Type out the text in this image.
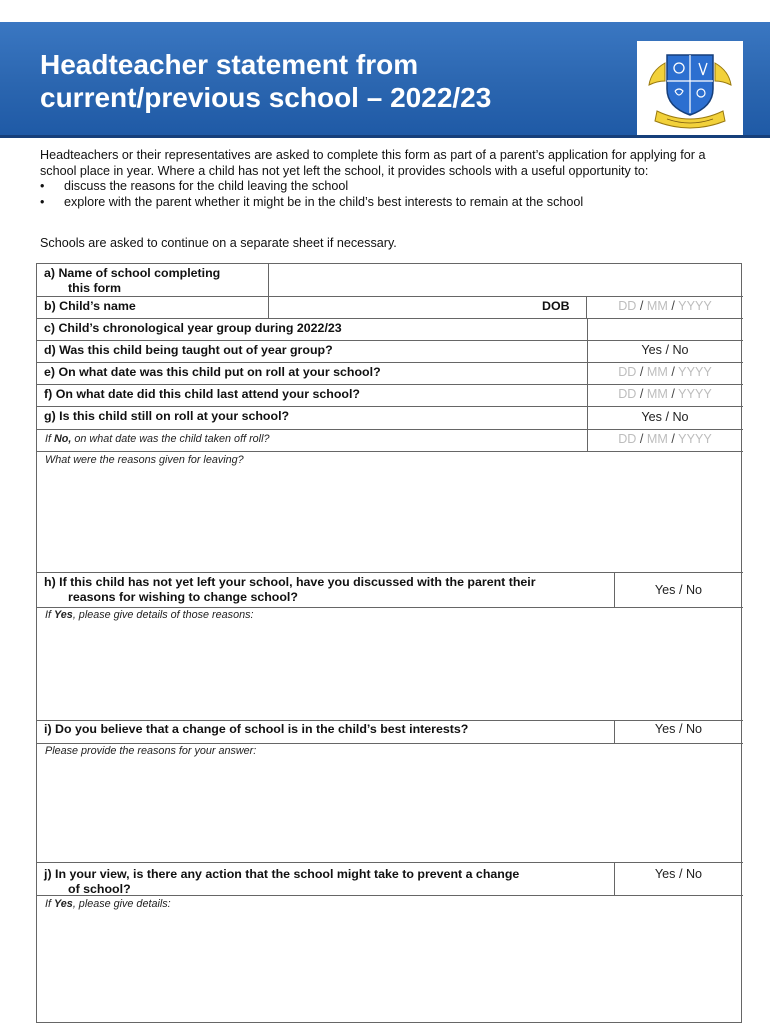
Headteacher statement from
current/previous school – 2022/23

Headteachers or their representatives are asked to complete this form as part of a parent’s application for applying for a school place in year. Where a child has not yet left the school, it provides schools with a useful opportunity to:

• discuss the reasons for the child leaving the school
• explore with the parent whether it might be in the child’s best interests to remain at the school
Schools are asked to continue on a separate sheet if necessary.
a) Name of school completing
this form
b) Child’s name	DOB	DD / MM / YYYY
c) Child’s chronological year group during 2022/23
d) Was this child being taught out of year group?	Yes / No
e) On what date was this child put on roll at your school?	DD / MM / YYYY
f) On what date did this child last attend your school?	DD / MM / YYYY
g) Is this child still on roll at your school?	Yes / No
If No, on what date was the child taken off roll?	DD / MM / YYYY
What were the reasons given for leaving?
h) If this child has not yet left your school, have you discussed with the parent their
reasons for wishing to change school?	Yes / No
If Yes, please give details of those reasons:
i) Do you believe that a change of school is in the child’s best interests?	Yes / No
Please provide the reasons for your answer:
j) In your view, is there any action that the school might take to prevent a change
of school?
Yes / No
If Yes, please give details:
